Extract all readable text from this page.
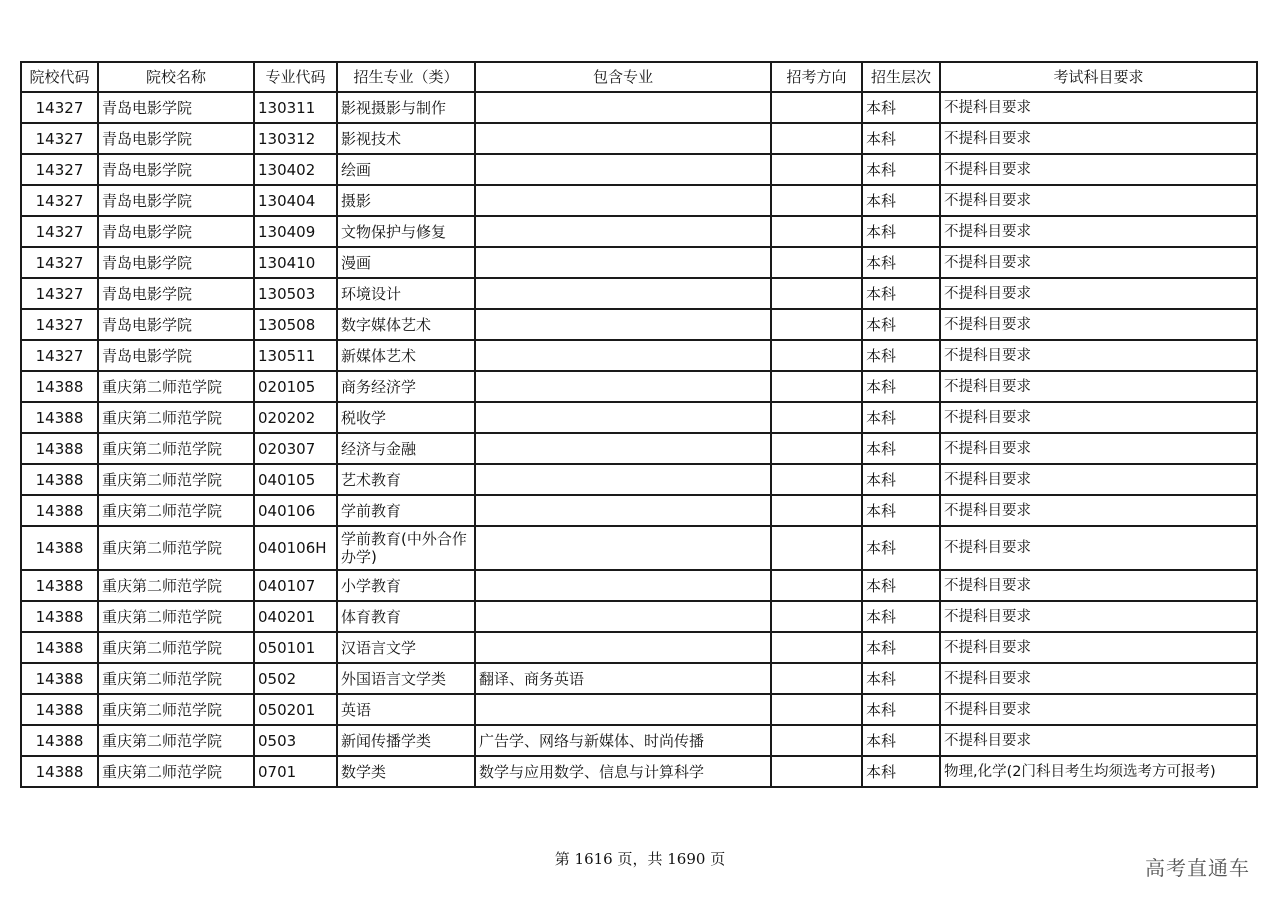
院校代码	院校名称	专业代码	招生专业（类）	包含专业	招考方向	招生层次	考试科目要求
14327	青岛电影学院	130311	影视摄影与制作			本科	不提科目要求
14327	青岛电影学院	130312	影视技术			本科	不提科目要求
14327	青岛电影学院	130402	绘画			本科	不提科目要求
14327	青岛电影学院	130404	摄影			本科	不提科目要求
14327	青岛电影学院	130409	文物保护与修复			本科	不提科目要求
14327	青岛电影学院	130410	漫画			本科	不提科目要求
14327	青岛电影学院	130503	环境设计			本科	不提科目要求
14327	青岛电影学院	130508	数字媒体艺术			本科	不提科目要求
14327	青岛电影学院	130511	新媒体艺术			本科	不提科目要求
14388	重庆第二师范学院	020105	商务经济学			本科	不提科目要求
14388	重庆第二师范学院	020202	税收学			本科	不提科目要求
14388	重庆第二师范学院	020307	经济与金融			本科	不提科目要求
14388	重庆第二师范学院	040105	艺术教育			本科	不提科目要求
14388	重庆第二师范学院	040106	学前教育			本科	不提科目要求
14388	重庆第二师范学院	040106H	学前教育(中外合作办学)			本科	不提科目要求
14388	重庆第二师范学院	040107	小学教育			本科	不提科目要求
14388	重庆第二师范学院	040201	体育教育			本科	不提科目要求
14388	重庆第二师范学院	050101	汉语言文学			本科	不提科目要求
14388	重庆第二师范学院	0502	外国语言文学类	翻译、商务英语		本科	不提科目要求
14388	重庆第二师范学院	050201	英语			本科	不提科目要求
14388	重庆第二师范学院	0503	新闻传播学类	广告学、网络与新媒体、时尚传播		本科	不提科目要求
14388	重庆第二师范学院	0701	数学类	数学与应用数学、信息与计算科学		本科	物理,化学(2门科目考生均须选考方可报考)
第 1616 页，共 1690 页	高考直通车
